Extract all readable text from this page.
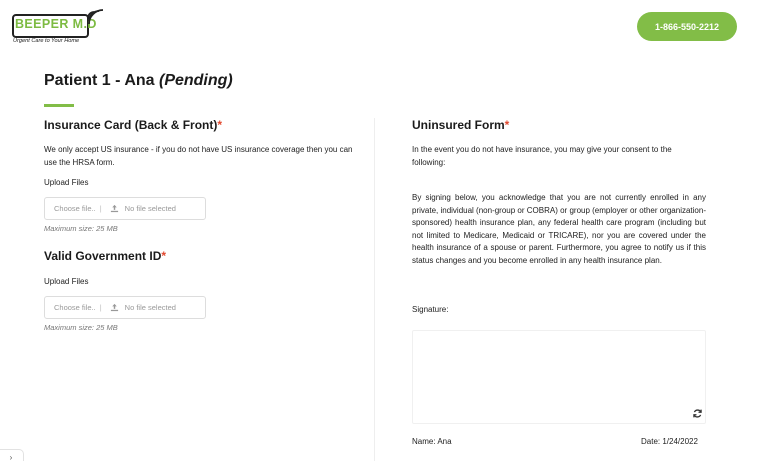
BEEPER M.D
Urgent Care to Your Home
1-866-550-2212
Patient 1 - Ana (Pending)
Insurance Card (Back & Front)*
We only accept US insurance - if you do not have US insurance coverage then you can use the HRSA form.
Upload Files
Choose file.. |	No file selected
Maximum size: 25 MB
Valid Government ID*
Upload Files
Choose file.. |	No file selected
Maximum size: 25 MB
Uninsured Form*
In the event you do not have insurance, you may give your consent to the following:
By signing below, you acknowledge that you are not currently enrolled in any private, individual (non-group or COBRA) or group (employer or other organization-sponsored) health insurance plan, any federal health care program (including but not limited to Medicare, Medicaid or TRICARE), nor you are covered under the health insurance of a spouse or parent. Furthermore, you agree to notify us if this status changes and you become enrolled in any health insurance plan.
Signature:
Name: Ana	Date: 1/24/2022
›
